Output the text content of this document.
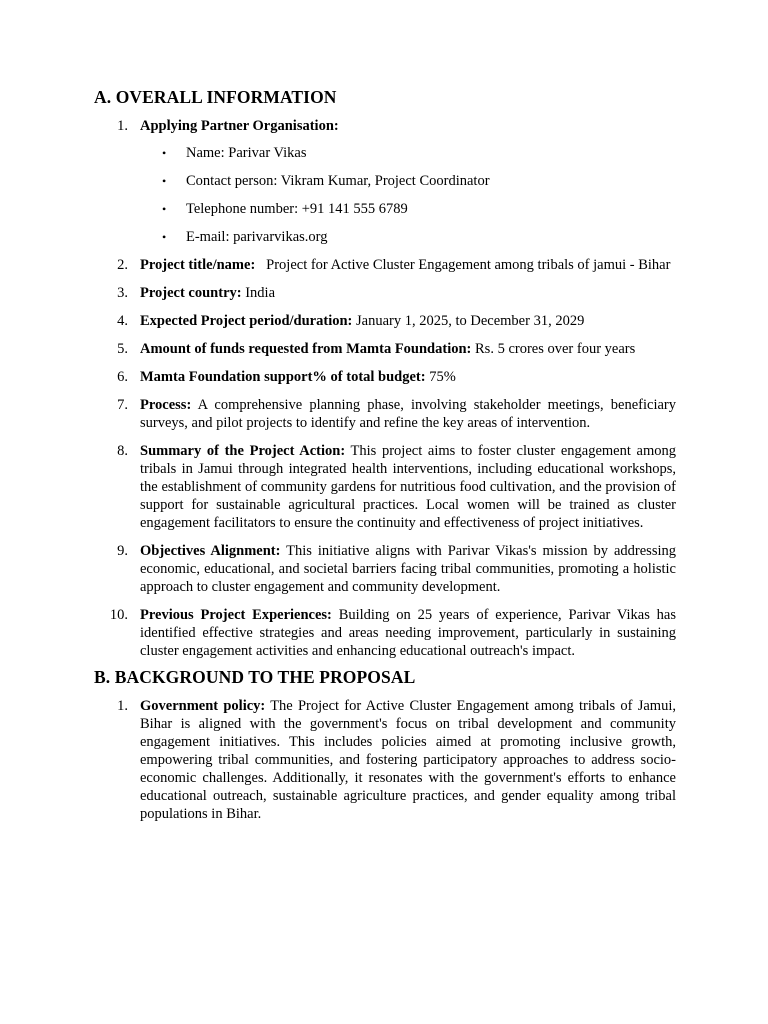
A. OVERALL INFORMATION
1. Applying Partner Organisation:
• Name: Parivar Vikas
• Contact person: Vikram Kumar, Project Coordinator
• Telephone number: +91 141 555 6789
• E-mail: parivarvikas.org
2. Project title/name:   Project for Active Cluster Engagement among tribals of jamui - Bihar
3. Project country: India
4. Expected Project period/duration: January 1, 2025, to December 31, 2029
5. Amount of funds requested from Mamta Foundation: Rs. 5 crores over four years
6. Mamta Foundation support% of total budget: 75%
7. Process: A comprehensive planning phase, involving stakeholder meetings, beneficiary surveys, and pilot projects to identify and refine the key areas of intervention.
8. Summary of the Project Action: This project aims to foster cluster engagement among tribals in Jamui through integrated health interventions, including educational workshops, the establishment of community gardens for nutritious food cultivation, and the provision of support for sustainable agricultural practices. Local women will be trained as cluster engagement facilitators to ensure the continuity and effectiveness of project initiatives.
9. Objectives Alignment: This initiative aligns with Parivar Vikas's mission by addressing economic, educational, and societal barriers facing tribal communities, promoting a holistic approach to cluster engagement and community development.
10. Previous Project Experiences: Building on 25 years of experience, Parivar Vikas has identified effective strategies and areas needing improvement, particularly in sustaining cluster engagement activities and enhancing educational outreach's impact.
B. BACKGROUND TO THE PROPOSAL
1. Government policy: The Project for Active Cluster Engagement among tribals of Jamui, Bihar is aligned with the government's focus on tribal development and community engagement initiatives. This includes policies aimed at promoting inclusive growth, empowering tribal communities, and fostering participatory approaches to address socio-economic challenges. Additionally, it resonates with the government's efforts to enhance educational outreach, sustainable agriculture practices, and gender equality among tribal populations in Bihar.
